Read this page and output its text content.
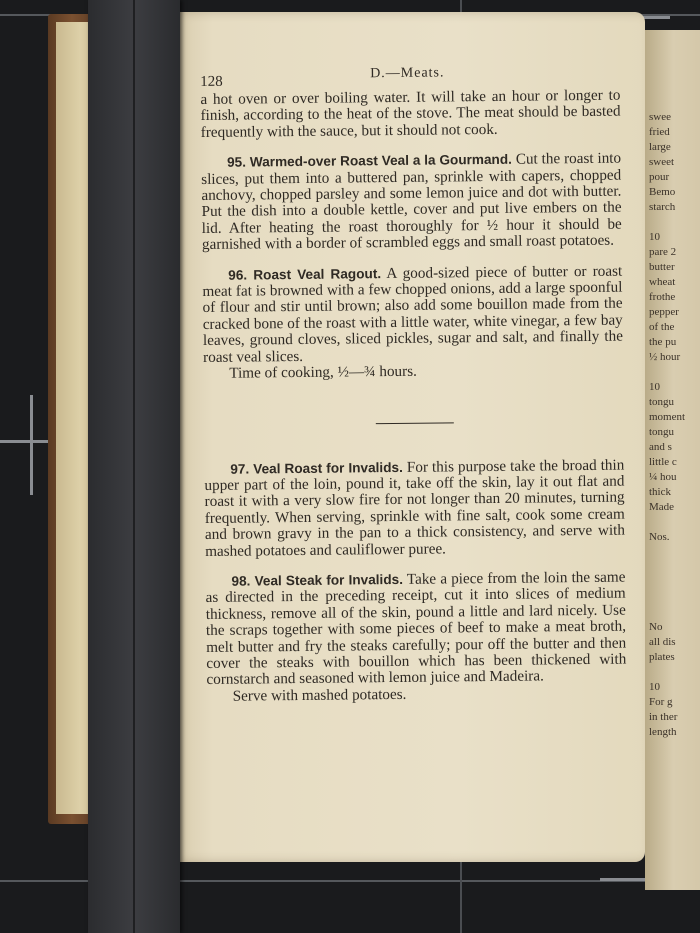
swee
fried
large
sweet
pour
Bemo
starch

10
pare 2
butter
wheat
frothe
pepper
of the
the pu
½ hour

10
tongu
moment
tongu
and s
little c
¼ hou
thick
Made

Nos.

No
all dis
plates

10
For g
in ther
length
128
D.—Meats.

a hot oven or over boiling water. It will take an hour or longer to finish, according to the heat of the stove. The meat should be basted frequently with the sauce, but it should not cook.

95. Warmed-over Roast Veal a la Gourmand. Cut the roast into slices, put them into a buttered pan, sprinkle with capers, chopped anchovy, chopped parsley and some lemon juice and dot with butter. Put the dish into a double kettle, cover and put live embers on the lid. After heating the roast thoroughly for ½ hour it should be garnished with a border of scrambled eggs and small roast potatoes.

96. Roast Veal Ragout. A good-sized piece of butter or roast meat fat is browned with a few chopped onions, add a large spoonful of flour and stir until brown; also add some bouillon made from the cracked bone of the roast with a little water, white vinegar, a few bay leaves, ground cloves, sliced pickles, sugar and salt, and finally the roast veal slices.

Time of cooking, ½—¾ hours.

97. Veal Roast for Invalids. For this purpose take the broad thin upper part of the loin, pound it, take off the skin, lay it out flat and roast it with a very slow fire for not longer than 20 minutes, turning frequently. When serving, sprinkle with fine salt, cook some cream and brown gravy in the pan to a thick consistency, and serve with mashed potatoes and cauliflower puree.

98. Veal Steak for Invalids. Take a piece from the loin the same as directed in the preceding receipt, cut it into slices of medium thickness, remove all of the skin, pound a little and lard nicely. Use the scraps together with some pieces of beef to make a meat broth, melt butter and fry the steaks carefully; pour off the butter and then cover the steaks with bouillon which has been thickened with cornstarch and seasoned with lemon juice and Madeira.

Serve with mashed potatoes.
